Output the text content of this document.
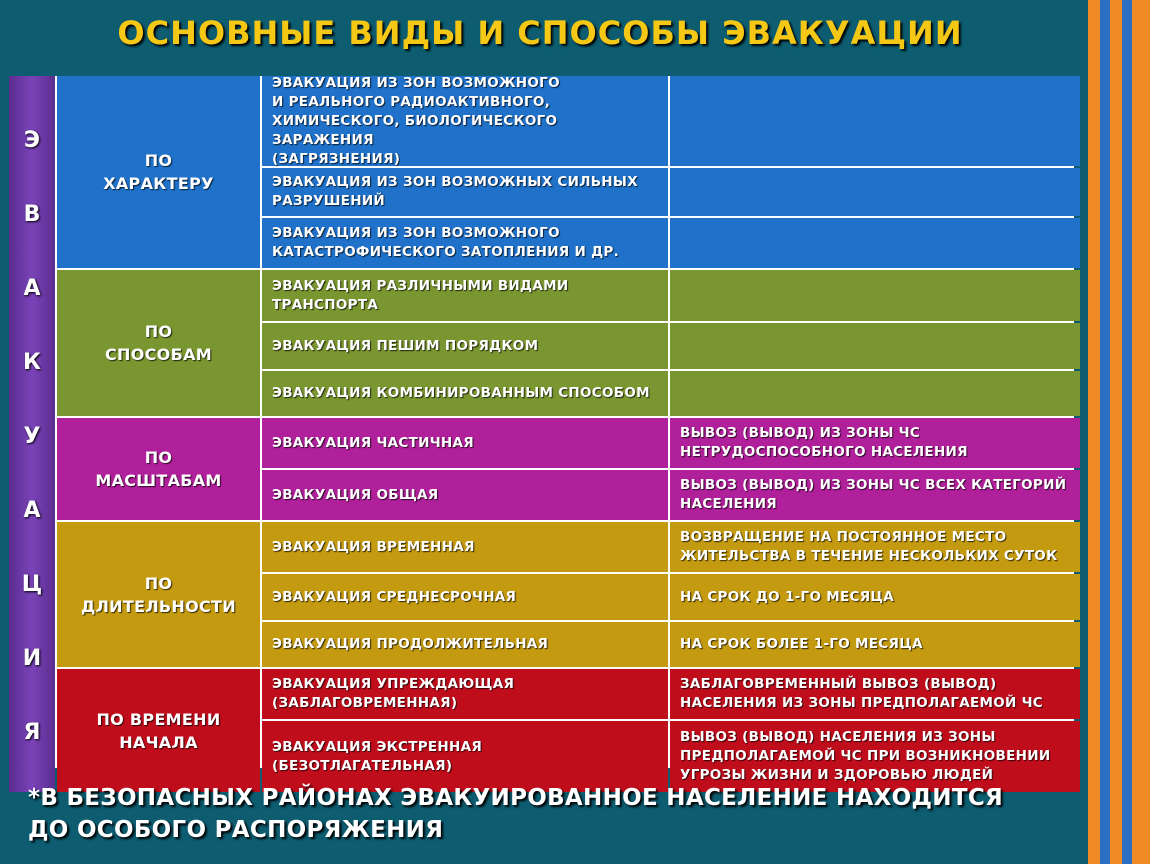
ОСНОВНЫЕ ВИДЫ И СПОСОБЫ ЭВАКУАЦИИ
Э
В
А
К
У
А
Ц
И
Я
ПО
ХАРАКТЕРУ
ЭВАКУАЦИЯ ИЗ ЗОН ВОЗМОЖНОГО
И РЕАЛЬНОГО РАДИОАКТИВНОГО,
ХИМИЧЕСКОГО, БИОЛОГИЧЕСКОГО ЗАРАЖЕНИЯ
(ЗАГРЯЗНЕНИЯ)
ЭВАКУАЦИЯ ИЗ ЗОН ВОЗМОЖНЫХ СИЛЬНЫХ
РАЗРУШЕНИЙ
ЭВАКУАЦИЯ ИЗ ЗОН ВОЗМОЖНОГО
КАТАСТРОФИЧЕСКОГО ЗАТОПЛЕНИЯ И ДР.
ПО
СПОСОБАМ
ЭВАКУАЦИЯ РАЗЛИЧНЫМИ ВИДАМИ
ТРАНСПОРТА
ЭВАКУАЦИЯ ПЕШИМ ПОРЯДКОМ
ЭВАКУАЦИЯ КОМБИНИРОВАННЫМ СПОСОБОМ
ПО
МАСШТАБАМ
ЭВАКУАЦИЯ ЧАСТИЧНАЯ
ВЫВОЗ (ВЫВОД) ИЗ ЗОНЫ ЧС
НЕТРУДОСПОСОБНОГО НАСЕЛЕНИЯ
ЭВАКУАЦИЯ ОБЩАЯ
ВЫВОЗ (ВЫВОД) ИЗ ЗОНЫ ЧС ВСЕХ КАТЕГОРИЙ
НАСЕЛЕНИЯ
ПО
ДЛИТЕЛЬНОСТИ
ЭВАКУАЦИЯ ВРЕМЕННАЯ
ВОЗВРАЩЕНИЕ НА ПОСТОЯННОЕ МЕСТО
ЖИТЕЛЬСТВА В ТЕЧЕНИЕ НЕСКОЛЬКИХ СУТОК
ЭВАКУАЦИЯ СРЕДНЕСРОЧНАЯ	НА СРОК ДО 1-ГО МЕСЯЦА
ЭВАКУАЦИЯ ПРОДОЛЖИТЕЛЬНАЯ	НА СРОК БОЛЕЕ 1-ГО МЕСЯЦА
ПО ВРЕМЕНИ
НАЧАЛА
ЭВАКУАЦИЯ УПРЕЖДАЮЩАЯ
(ЗАБЛАГОВРЕМЕННАЯ)
ЗАБЛАГОВРЕМЕННЫЙ ВЫВОЗ (ВЫВОД)
НАСЕЛЕНИЯ ИЗ ЗОНЫ ПРЕДПОЛАГАЕМОЙ ЧС
ЭВАКУАЦИЯ ЭКСТРЕННАЯ (БЕЗОТЛАГАТЕЛЬНАЯ)
ВЫВОЗ (ВЫВОД) НАСЕЛЕНИЯ ИЗ ЗОНЫ
ПРЕДПОЛАГАЕМОЙ ЧС ПРИ ВОЗНИКНОВЕНИИ
УГРОЗЫ ЖИЗНИ И ЗДОРОВЬЮ ЛЮДЕЙ
*В БЕЗОПАСНЫХ РАЙОНАХ ЭВАКУИРОВАННОЕ НАСЕЛЕНИЕ НАХОДИТСЯ
ДО ОСОБОГО РАСПОРЯЖЕНИЯ
